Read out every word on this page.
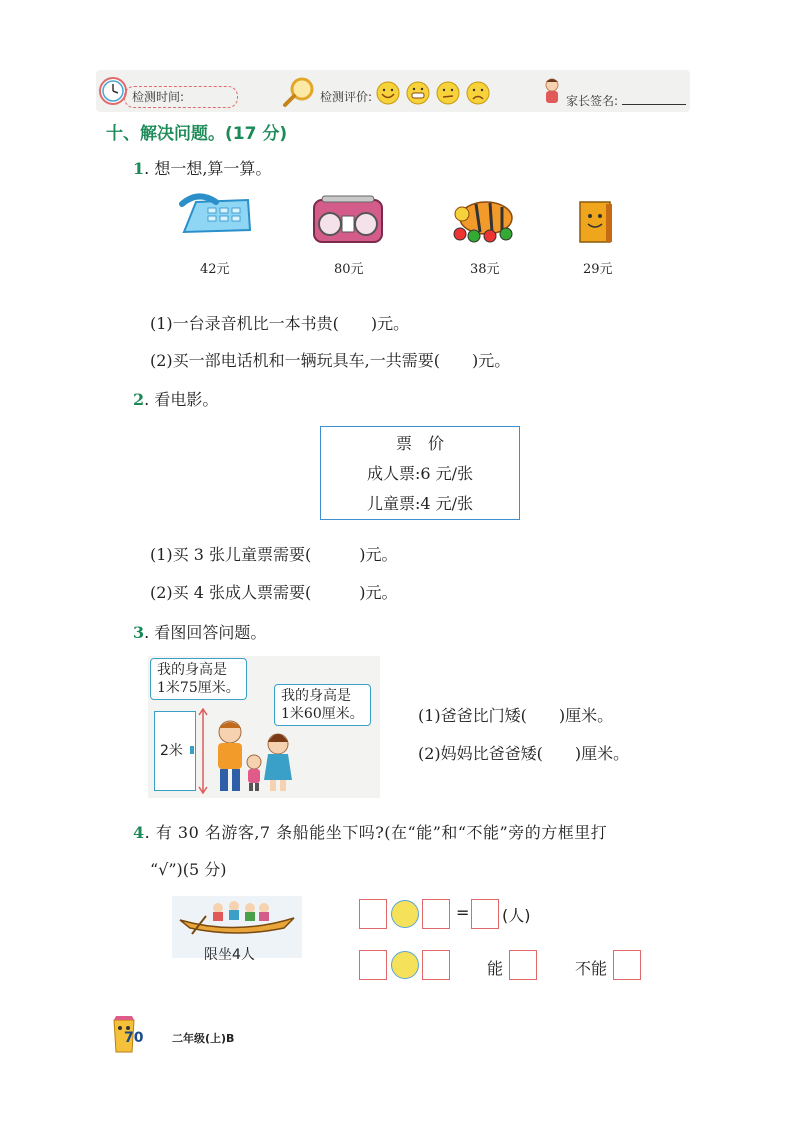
检测时间:	检测评价:	家长签名:
十、解决问题。(17 分)
1. 想一想,算一算。
42元	80元	38元	29元
(1)一台录音机比一本书贵(　　)元。
(2)买一部电话机和一辆玩具车,一共需要(　　)元。
2. 看电影。
票　价
成人票:6 元/张
儿童票:4 元/张
(1)买 3 张儿童票需要(　　　)元。
(2)买 4 张成人票需要(　　　)元。
3. 看图回答问题。
我的身高是
1米75厘米。	我的身高是
1米60厘米。
2米
(1)爸爸比门矮(　　)厘米。
(2)妈妈比爸爸矮(　　)厘米。
4. 有 30 名游客,7 条船能坐下吗?(在“能”和“不能”旁的方框里打
“√”)(5 分)
限坐4人
= (人)
能	不能
70	二年级(上)B
